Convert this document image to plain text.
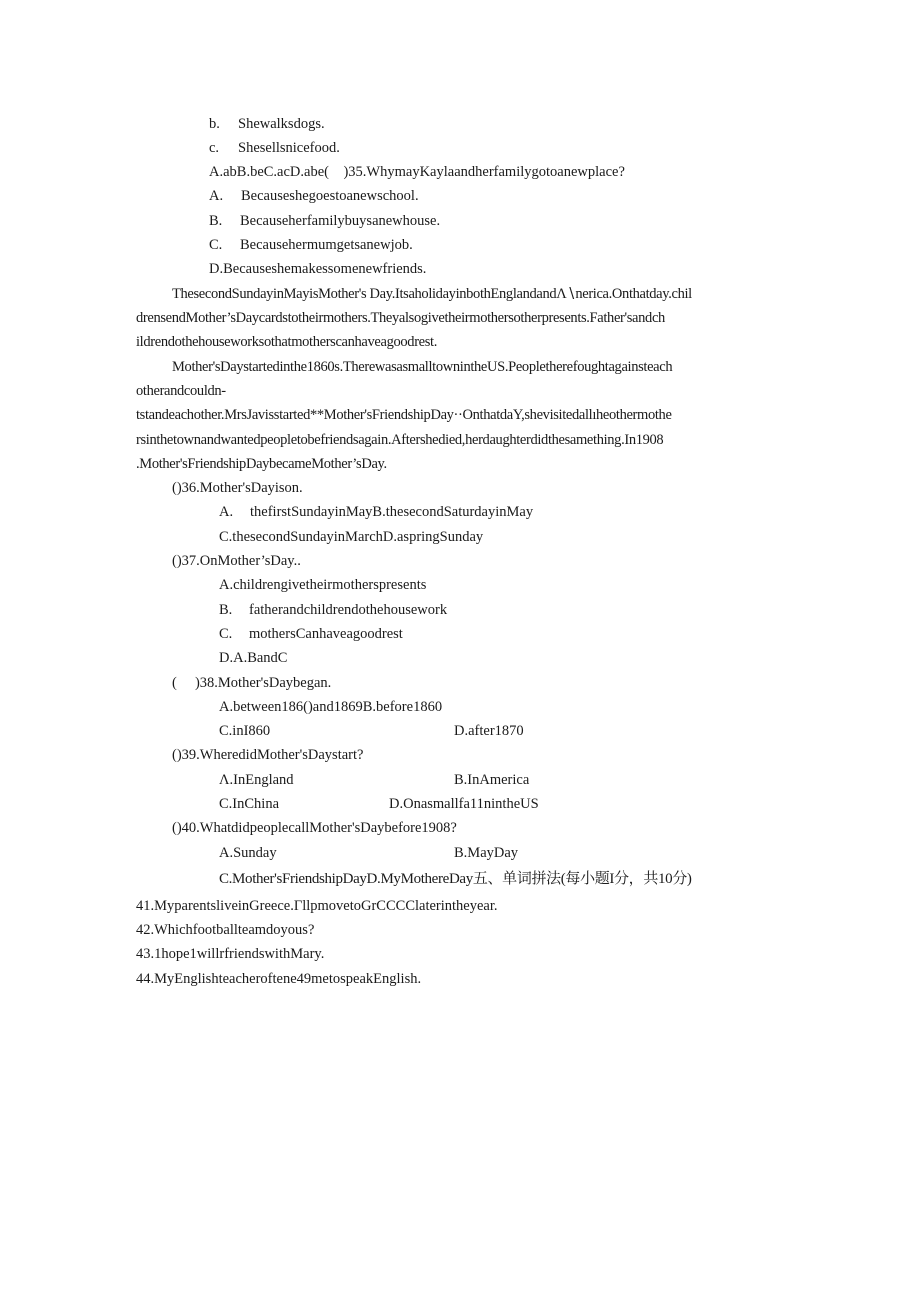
b. Shewalksdogs.
c. Shesellsnicefood.
A.abB.beC.acD.abe(    )35.WhymayKaylaandherfamilygotoanewplace?
A. Becauseshegoestoanewschool.
B. Becauseherfamilybuysanewhouse.
C. Becausehermumgetsanewjob.
D.Becauseshemakessomenewfriends.
ThesecondSundayinMayisMother's Day.ItsaholidayinbothEnglandandΛ∖nerica.Onthatday.chil
drensendMother’sDaycardstotheirmothers.Theyalsogivetheirmothersotherpresents.Father'sandch
ildrendothehouseworksothatmotherscanhaveagoodrest.
Mother'sDaystartedinthe1860s.TherewasasmalltownintheUS.Peopletherefoughtagainsteach
otherandcouldn-
tstandeachother.MrsJavisstarted**Mother'sFriendshipDay··OnthatdaY,shevisitedallıheothermothe
rsinthetownandwantedpeopletobefriendsagain.Aftershedied,herdaughterdidthesamething.In1908
.Mother'sFriendshipDaybecameMother’sDay.
()36.Mother'sDayison.
A. thefirstSundayinMayB.thesecondSaturdayinMay
C.thesecondSundayinMarchD.aspringSunday
()37.OnMother’sDay..
A.childrengivetheirmotherspresents
B. fatherandchildrendothehousework
C. mothersCanhaveagoodrest
D.A.BandC
(     )38.Mother'sDaybegan.
A.between186()and1869B.before1860
C.inI860	D.after1870
()39.WheredidMother'sDaystart?
Λ.InEngland	B.InAmerica
C.InChina	D.Onasmallfa11nintheUS
()40.WhatdidpeoplecallMother'sDaybefore1908?
A.Sunday	B.MayDay
C.Mother'sFriendshipDayD.MyMothereDay五、单词拼法(每小题I分，共10分)
41.MyparentsliveinGreece.ΓllpmovetoGrCCCClaterintheyear.
42.Whichfootballteamdoyous?
43.1hope1willrfriendswithMary.
44.MyEnglishteacheroftene49metospeakEnglish.
